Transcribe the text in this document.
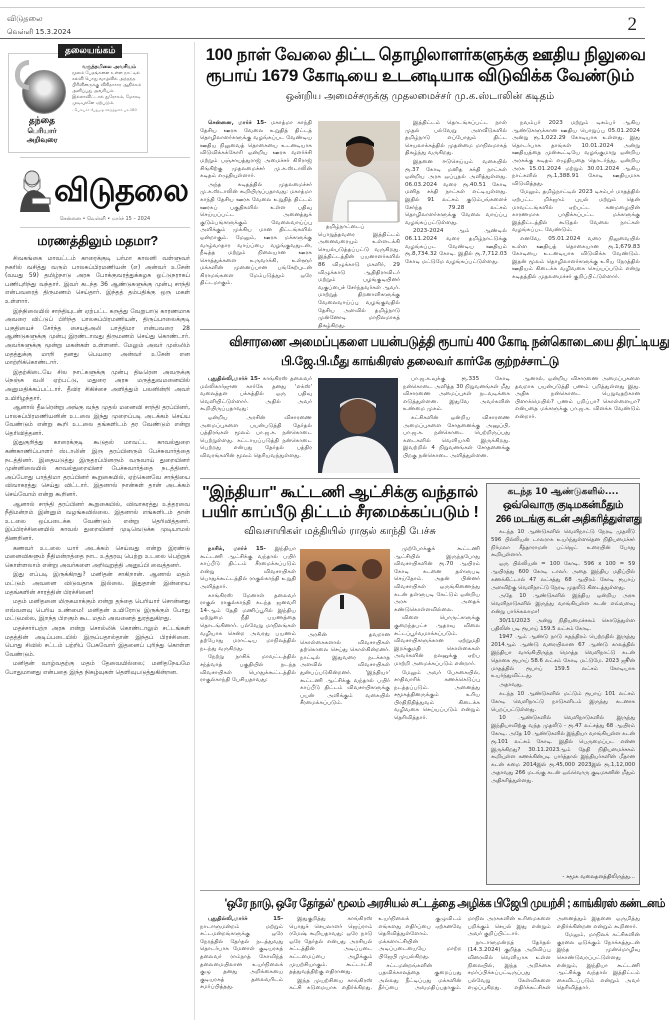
விடுதலை
வெள்ளி 15.3.2024	2
தலையங்கம்
தந்தை
பெரியார்
அறிவுரை
வருத்தமிலை அவசியம்
மூலம் பேதங்களை உள்ள நாட்டில் கல்வி பொது வாழ்வில் அந்தந்த பிரிவினருக்கு விகிதாசார ஆதிக்கம் அளிப்பது அவசியம். இல்லாவிட்டால் துரோகம், மோசடி முடிவுகளே ஏற்படும்.
- பெரியார் பேதுமத விருந்தனர் பக்.180
விடுதலை
சென்னை • வெள்ளி • மார்ச் 15 – 2024
மரணத்திலும் மதமா?

சிவகங்கை மாவட்டம் காரைக்குடி பர்மா காலனி வள்ளுவர் நகரில் வசித்து வரும் பாலசுப்பிரமணியன் (எ) அன்வர் உசேன் (வயது 59) தமிழ்நாடு அரசு போக்குவரத்துக்கழக ஓட்டுநராகப் பணிபுரிந்து வந்தார். இவர் கடந்த 36 ஆண்டுகளுக்கு முன்பு சாந்தி என்பவரைத் திருமணம் செய்தார். இந்தத் தம்பதிக்கு ஒரு மகள் உள்ளார்.

இந்நிலையில் சாந்தியுடன் ஏற்பட்ட கருத்து வேறுபாடு காரணமாக அவரை விட்டுப் பிரிந்த பாலசுப்பிரமணியன், திருப்பாலைக்குடி பகுதியைச் சேர்ந்த சையத்அலி பாத்திமா என்பவரை 28 ஆண்டுகளுக்கு முன்பு இரண்டாவது திருமணம் செய்து கொண்டார். அவர்களுக்கு மூன்று மகன்கள் உள்ளனர். மேலும் அவர் முஸ்லிம் மதத்துக்கு மாறி தனது பெயரை அன்வர் உசேன் என மாற்றிக்கொண்டார்.

இதற்கிடையே சில நாட்களுக்கு முன்பு திடீரென அவருக்கு நெஞ்சு வலி ஏற்பட்டு, மதுரை அரசு மருத்துவமனையில் அனுமதிக்கப்பட்டார். தீவிர சிகிச்சை அளித்தும் பலனின்றி அவர் உயிரிழந்தார்.

ஆனால் தீடீரென்று அங்கு வந்த முதல் மனைவி சாந்தி தரப்பினர், பாலசுப்பிரமணியனின் உடலை இந்து முறைப்படி அடக்கம் செய்ய வேண்டும் என்று கூறி உடலை தங்களிடம் தர வேண்டும் என்று தெரிவித்தனர்.

இதுகுறித்து காரைக்குடி கூடுதல் மாவட்ட காவல்துறை கண்காணிப்பாளர் ஸ்டாலின் இரு தரப்பினரும் பேச்சுவார்த்தை நடத்தினர். இதையடுத்து இருதரப்பினரும் வருவாய் துறையினர் முன்னிலையில் காவல்துறையினர் பேச்சுவார்த்தை நடத்தினர். அப்போது பாத்திமா தரப்பினர் கூறுகையில், ஏற்கெனவே சாந்தியை விவாகரத்து செய்து விட்டார். இதனால் நான்கள் தான் அடக்கம் செய்வோம் என்று கூறினர்.

ஆனால் சாந்தி தரப்பினர் கூறுகையில், விவாகரத்து உத்தரவை நீதிமன்றம் இன்னும் வழங்கவில்லை. இதனால் எங்களிடம் தான் உடலை ஒப்படைக்க வேண்டும் என்று தெரிவித்தனர். இப்பிரச்சினையில் காவல் துறையினர் முடிவெடுக்க முடியாமல் திணறினர்.

கணவர் உடலை யார் அடக்கம் செய்வது என்று இரண்டு மனைவிகளும் நீதிமன்றத்தை நாட உத்தரவு பெற்று உடலை பெற்றுக் கொள்ளலாம் என்று அவர்களை அறிவுறுத்தி அனுப்பி வைத்தனர்.

இது எப்படி இருக்கிறது? மனிதன் சாகிறான். ஆனால் மதம் மட்டும் அவனை விடுவதாக இல்லை. இதுதான் இன்றைய மதங்களின் சாரத்தின் பிரச்சினை!

மதம் மனிதனை மிருகமாக்கும் என்று தந்தை பெரியார் சொன்னது எவ்வளவு பெரிய உண்மை! மனிதன் உயிரோடு இருக்கும் போது மட்டுமல்ல, இறந்த பிறகும் கூட மதம் அவனைத் துரத்துகிறது.

மதச்சார்பற்ற அரசு என்று சொல்லிக் கொண்டாலும் சட்டங்கள் மதத்தின் அடிப்படையில் இருப்பதால்தான் இந்தப் பிரச்சினை. பொது சிவில் சட்டம் பற்றிப் பேசுவோர் இதனைப் புரிந்து கொள்ள வேண்டும்.

மனிதன் வாழ்வதற்கு மதம் தேவையில்லை; மனிதநேயமே போதுமானது என்பதை இந்த நிகழ்வுகள் தெளிவுபடுத்துகின்றன.

100 நாள் வேலை திட்ட தொழிலாளர்களுக்கு ஊதிய நிலுவை
ரூபாய் 1679 கோடியை உடனடியாக விடுவிக்க வேண்டும்
ஒன்றிய அமைச்சருக்கு முதலமைச்சர் மு.க.ஸ்டாலின் கடிதம்

சென்னை, மார்ச் 15- மகாத்மா காந்தி தேசிய ஊரக வேலை உறுதித் திட்டத் தொழிலாளர்களுக்கு வழங்கப்பட வேண்டிய ஊதிய நிலுவைத் தொகையை உடனடியாக விடுவிக்கக்கோரி ஒன்றிய ஊரக வளர்ச்சி மற்றும் பஞ்சாயத்துராஜ் அமைச்சர் கிரிராஜ் சிங்கிற்கு முதலமைச்சர் மு.க.ஸ்டாலின் கடிதம் எழுதியுள்ளார்.

அந்த கடிதத்தில் முதலமைச்சர் மு.க.ஸ்டாலின் கூறியிருப்பதாவது: மகாத்மா காந்தி தேசிய ஊரக வேலை உறுதித் திட்டம் ஊரகப் பகுதிகளில் உள்ள பதிவு செய்யப்பட்ட அனைத்துக் குடும்பங்களுக்கும் வேலைவாய்ப்பு அளிக்கும் முக்கிய மான திட்டங்களில் ஒன்றாகும். மேலும், ஊரக மக்களுக்கு வாழ்வாதார வாய்ப்பை வழங்குவதுடன், நீடித்த மற்றும் நிலையான ஊரக சொத்துக்களை உருவாக்கி, உள்ளூர் மக்களின் முனைப்பான பங்கேற்புடன் கிராமங்களை மேம்படுத்தும் ஒரே திட்டமாகும்.

தமிழ்நாட்டைப் பொறுத்தவரை இத்திட்டம் அனைவரையும் உள்ளடக்கி செயல்படுத்தப்பட்டு வருகிறது. இத்திட்டத்தின் பயனாளர்களில் 86 விழுக்காடு மகளிர், 29 விழுக்காடு ஆதிதிராவிடர் மற்றும் பழங்குடியினர் வகுப்பைச் சேர்ந்தவர்கள் ஆவர். மாற்றுத் திறனாளிகளுக்கு வேலைவாய்ப்பு வழங்குவதில் தேசிய அளவில் தமிழ்நாடு முன்னோடி மாநிலமாகத் திகழ்கிறது.

இத்திட்டம் தொடங்கப்பட்ட நாள் முதல் பல்வேறு அளவீடுகளில் தமிழ்நாடு எப்போதும் திட்ட செயலாக்கத்தில் முதன்மை மாநிலமாகத் திகழ்ந்து வருகிறது.

இதனை ஈடுசெய்யும் வகையில் ரூ.37 கோடி மனித சக்தி நாட்கள் ஒன்றிய அரசு ஒப்புதல் அளித்துள்ளது. 06.03.2024 வரை ரூ.40.51 கோடி மனித சக்தி நாட்கள் எட்டியுள்ளது. இதில் 91 லட்சம் குடும்பங்களைச் சேர்ந்த 79.28 லட்சம் தொழிலாளர்களுக்கு வேலை வாய்ப்பு வழங்கப்பட்டுள்ளது.

2023-2024 ஆம் ஆண்டில் 06.11.2024 வரை தமிழ்நாட்டுக்கு வழங்கப்பட வேண்டிய ஊதியம் ரூ.8,734.32 கோடி. இதில் ரூ.7,712.03 கோடி மட்டுமே வழங்கப்பட்டுள்ளது.

நவம்பர் 2023 மற்றும் டிசம்பர் ஆகிய ஆண்டுகளுக்கான ஊதிய பொறுப்பு 05.01.2024 அன்று ரூ.1,022.29 கோடியாக உள்ளது. இது தொடர்பாக தாங்கள் 10.01.2024 அன்று ஊதியத்தை முன்கூட்டியே வழங்குமாறு ஒன்றிய அரசுக்கு கடிதம் எழுதியதை தொடர்ந்து, ஒன்றிய அரசு 15.01.2024 மற்றும் 30.01.2024 ஆகிய நாட்களில் ரூ.1,388.91 கோடி ஊதியமாக விடுவித்தது.

மேலும், தமிழ்நாட்டில் 2023 டிசம்பர் மாதத்தில் ஏற்பட்ட மிக்ஜாம் புயல் மற்றும் தென் மாவட்டங்களில் ஏற்பட்ட கனமழையின் காரணமாக பாதிக்கப்பட்ட மக்களுக்கு இத்திட்டத்தில் கூடுதல் வேலை நாட்கள் வழங்கப்பட வேண்டும்.

எனவே, 05.01.2024 வரை நிலுவையில் உள்ள ஊதியத் தொகையான ரூ.1,679.83 கோடியை உடனடியாக விடுவிக்க வேண்டும். இதன் மூலம் தொழிலாளர்களுக்கு உரிய நேரத்தில் ஊதியம் கிடைக்க வழிவகை செய்யப்படும் என்று கடிதத்தில் முதலமைச்சர் குறிப்பிட்டுள்ளார்.

விசாரணை அமைப்புகளை பயன்படுத்தி ரூபாய் 400 கோடி நன்கொடையை திரட்டியது
பி.ஜே.பி.மீது காங்கிரஸ் தலைவர் கார்கே குற்றச்சாட்டு

புதுதில்லி,மார்ச் 15- காங்கிரஸ் தலைவர் மல்லிகார்ஜுன கார்கே தனது 'எக்ஸ்' வலைத்தள பக்கத்தில் ஒரு பதிவு வெளியிட்டுள்ளார். அதில் அவர் கூறியிருப்பதாவது:

ஒன்றிய அரசின் விசாரணை அமைப்புகளை பயன்படுத்தி தேர்தல் பத்திரங்கள் மூலம் பா.ஜ.க. நன்கொடை பெற்றுள்ளது. கட்டாயப்படுத்தி நன்கொடை பெற்றது என்பது தேர்தல் பத்திர விவரங்களின் மூலம் தெரியவந்துள்ளது.

பா.ஜ.க.வுக்கு ரூ.335 கோடி நன்கொடை அளித்த 30 நிறுவனங்கள் மீது விசாரணை அமைப்புகள் நடவடிக்கை எடுத்துள்ளன. இதுவே அவர்களின் உண்மை முகம்.

கட்சிகளின் ஒன்றிய விசாரணை அமைப்புகளை சோதனைக்கு அனுப்பி, பா.ஜ.க. நன்கொடை பெற்றிருப்பது கடைகளில் வெளியாகி இருக்கிறது. இவற்றில் 4 நிறுவனங்கள் சோதனைக்கு பிறகு நன்கொடை அளித்துள்ளன.

ஆனால், ஒன்றிய விசாரணை அமைப்புகளை தவறாக பயன்படுத்தி பணம் பறித்துள்ளது இது. அதிக நன்கொடை பெறுவதற்கான பிளாக்மெயில்? பணம் பறிப்பா? கொள்ளையா? என்பதை மக்களுக்கு பா.ஜ.க. விளக்க வேண்டும் என்றார்.

"இந்தியா" கூட்டணி ஆட்சிக்கு வந்தால்
பயிர் காப்பீடு திட்டம் சீரமைக்கப்படும் !
விவசாயிகள் மத்தியில் ராகுல் காந்தி பேச்சு

நாசிக், மார்ச் 15- இந்தியா கூட்டணி ஆட்சிக்கு வந்தால் பயிர் காப்பீடு திட்டம் சீரமைக்கப்படும் என்று விவசாயிகள் பொதுக்கூட்டத்தில் ராகுல்காந்தி உறுதி அளித்தார்.

காங்கிரஸ் மேனாள் தலைவர் ராகுல் ராகுல்காந்தி கடந்த ஜனவரி 14-ஆம் தேதி மணிப்பூரில் இந்திய ஒற்றுமை நீதி பயணத்தை தொடங்கினார். பல்வேறு மாநிலங்கள் வழியாக சென்ற அவரது பயணம் தற்போது மராட்டிய மாநிலத்தில் நடந்து வருகிறது.

நேற்று நாசிக் மாவட்டத்தில் சந்த்வாத் பகுதியில் நடந்த விவசாயிகள் பொதுக்கூட்டத்தில் ராகுல்காந்தி பேசியதாவது:

அரசின் தவறான கொள்கைகளால் விவசாயிகள் தற்கொலை செய்து கொள்கின்றனர். நாட்டில் இதுவரை நடக்காத அளவில் விவசாயிகள் துன்பப்படுகின்றனர். 'இந்தியா' கூட்டணி ஆட்சிக்கு வந்தால் பயிர் காப்பீடு திட்டம் விவசாயிகளுக்கு பயன் அளிக்கும் வகையில் சீரமைக்கப்படும்.

முற்போக்குக் கூட்டணி ஆட்சியில் இருந்தபோது விவசாயிகளின் ரூ.70 ஆயிரம் கோடி கடனை தள்ளுபடி செய்தோம். அதன் பின்னர் விவசாயிகள் ஒருங்கிணைந்து கடன் தள்ளுபடி கேட்டும் ஒன்றிய அரசு அதைக் கண்டுகொள்ளவில்லை.

விளை பொருட்களுக்கு குறைந்தபட்ச ஆதரவு விலை சட்டப்பூர்வமாக்கப்படும். விவசாயிகளுக்கான ஏற்றுமதி இறக்குமதி கொள்கைகள் அவர்களின் நலனுக்கு ஏற்ப மாற்றி அமைக்கப்படும் என்றார்.

மேலும் அவர் பேசுகையில், சாதிவாரிக் கணக்கெடுப்பு நடத்தப்படும். அனைத்து சமூகத்தினருக்கும் உரிய பிரதிநிதித்துவம் கிடைக்க வழிவகை செய்யப்படும் என்றும் தெரிவித்தார்.

கடந்த 10 ஆண்டுகளில்....
ஒவ்வொரு குடிமகன்மீதும்
266 மடங்கு கடன் அதிகரித்துள்ளது

கடந்த 10 ஆண்டுகளில் வெளிநாட்டு நேரடி முதலீடு 596 பில்லியன் டாலராக உயர்ந்துள்ளதென நிதியமைச்சர் நிர்மலா சீத்தாராமன் பட்ஜெட் உரையின் போது கூறியுள்ளார்.

ஒரு பில்லியன் = 100 கோடி. 596 x 100 = 59 ஆயிரத்து 600 கோடி டாலர். அதை இந்திய மதிப்பில் கணக்கிட்டால் 47 லட்சத்து 68 ஆயிரம் கோடி ரூபாய் அளவிற்கு வெளிநாட்டு நேரடி முதலீடு கிடைத்துள்ளது.

அதே 10 ஆண்டுகளில் இந்திய ஒன்றிய அரசு வெளிநாடுகளில் இருந்து வாங்கியுள்ள கடன் எவ்வளவு என்று பார்க்கலாமா!

30/11/2023 அன்று நிதியமைச்சகம் கொடுத்துள்ள பதிலின் படி ரூபாய் 159.5 லட்சம் கோடி.

1947 ஆம் ஆண்டு நாடு சுதந்திரம் பெற்றதில் இருந்து 2014ஆம் ஆண்டு வரையிலான 67 ஆண்டு காலத்தில் இந்தியா வாங்கியிருந்த மொத்த வெளிநாட்டு கடன் தொகை ரூபாய் 58.6 லட்சம் கோடி மட்டுமே. 2023 ஜூன் மாதத்தில் ரூபாய் 159.5 லட்சம் கோடியாக உயர்ந்துவிட்டது.

அதாவது,

கடந்த 10 ஆண்டுகளில் மட்டும் ரூபாய் 101 லட்சம் கோடி வெளிநாட்டு நாடுகளிடம் இருந்து கடனாக பெறப்பட்டுள்ளது.

10 ஆண்டுகளில் வெளிநாடுகளில் இருந்து இந்தியாவிற்கு வந்த முதலீடு - ரூ.47 லட்சத்து 68 ஆயிரம் கோடி. அதே 10 ஆண்டுகளில் இந்தியா வாங்கியுள்ள கடன் ரூ.101 லட்சம் கோடி. இதில் பெருமைப்பட என்ன இருக்கிறது? 30.11.2023ஆம் தேதி நிதியமைச்சகம் கூறியுள்ள கணக்கின்படி பார்த்தால் இந்தியர்களின் மீதான கடன் சுமை 2014இல் ரூ.45,000 2023இல் ரூ.1,12,000 அதாவது 266 மடங்கு கடன் ஒவ்வொரு குடிமகனின் மீதும் அதிகரித்துள்ளது.

- சமூக வலைதளத்திலிருந்து...
'ஒரே நாடு, ஒரே தேர்தல்' மூலம் அரசியல் சட்டத்தை அழிக்க பிஜேபி முயற்சி ; காங்கிரஸ் கண்டனம்

புதுதில்லி,மார்ச் 15- நாடாளுமன்றம் மற்றும் சட்டமன்றங்களுக்கு ஒரே நேரத்தில் தேர்தல் நடத்துவது தொடர்பாக மேனாள் குடியரசுத் தலைவர் ராம்நாத் கோவிந்த் தலைமையிலான உயர்நிலைக் குழு தனது அறிக்கையை குடியரசுத் தலைவரிடம் சமர்ப்பித்தது.

இதுகுறித்து காங்கிரஸ் பொதுச் செயலாளர் ஜெய்ராம் ரமேஷ் கூறியதாவது: ஒரே நாடு ஒரே தேர்தல் என்பது அரசியல் சட்டத்தின் அடிப்படை கட்டமைப்பை அழிக்கும் முயற்சியாகும். கூட்டாட்சி தத்துவத்திற்கு எதிரானது.

இந்த முயற்சியை காங்கிரஸ் கட்சி கடுமையாக எதிர்க்கிறது. உயர்நிலைக் குழுவிடம் எங்களது எதிர்ப்பை ஏற்கனவே தெரிவித்துள்ளோம். மக்களாட்சியின் அடிப்படையையே மாற்ற பிஜேபி முயல்கிறது.

சட்டமன்றங்களின் பதவிக்காலத்தை குறைப்பது அல்லது நீட்டிப்பது மக்களின் தீர்ப்பை அவமதிப்பதாகும். மாநில அரசுகளின் உரிமைகளை பறிக்கும் செயல் இது என்றும் அவர் குறிப்பிட்டார்.

நாடாளுமன்றத் தேர்தல் (14.3.2024) குறித்த அறிவிப்பு விரைவில் வெளியாக உள்ள நிலையில், இந்த அறிக்கை சமர்ப்பிக்கப்பட்டிருப்பது பல்வேறு கேள்விகளை எழுப்புகிறது. எதிர்க்கட்சிகள் அனைத்தும் இதனை ஒருமித்து எதிர்க்கின்றன என்றும் கூறினார்.

மேலும், மாநிலக் கட்சிகளின் குரலை ஒடுக்கும் நோக்கத்துடன் இந்த முன்மொழிவு கொண்டுவரப்பட்டுள்ளது என்றும், இந்தியா கூட்டணி ஆட்சிக்கு வந்தால் இத்திட்டம் கைவிடப்படும் என்றும் அவர் தெரிவித்தார்.
